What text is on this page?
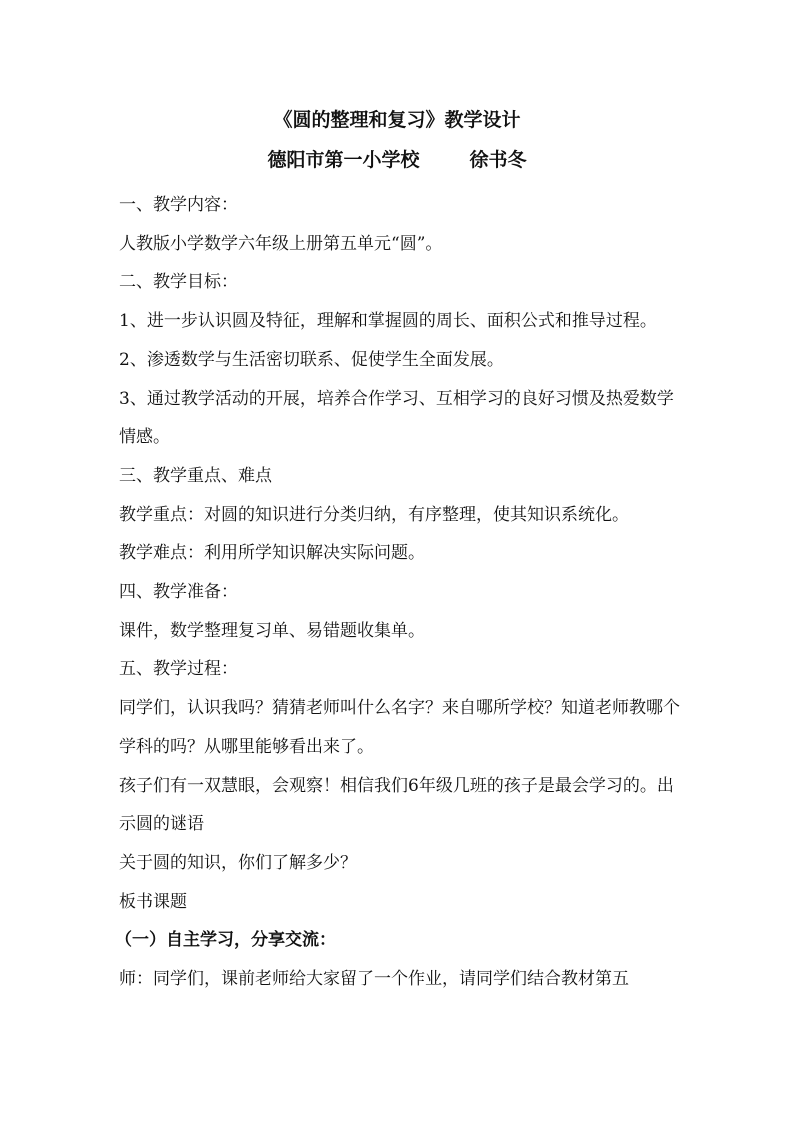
《圆的整理和复习》教学设计
德阳市第一小学校	徐书冬

一、教学内容：

人教版小学数学六年级上册第五单元“圆”。

二、教学目标：

1、进一步认识圆及特征，理解和掌握圆的周长、面积公式和推导过程。

2、渗透数学与生活密切联系、促使学生全面发展。

3、通过教学活动的开展，培养合作学习、互相学习的良好习惯及热爱数学情感。

三、教学重点、难点

教学重点：对圆的知识进行分类归纳，有序整理，使其知识系统化。

教学难点：利用所学知识解决实际问题。

四、教学准备：

课件，数学整理复习单、易错题收集单。

五、教学过程：

同学们，认识我吗？猜猜老师叫什么名字？来自哪所学校？知道老师教哪个学科的吗？从哪里能够看出来了。

孩子们有一双慧眼，会观察！相信我们6年级几班的孩子是最会学习的。出示圆的谜语

关于圆的知识，你们了解多少？

板书课题

（一）自主学习，分享交流：

师：同学们，课前老师给大家留了一个作业，请同学们结合教材第五
